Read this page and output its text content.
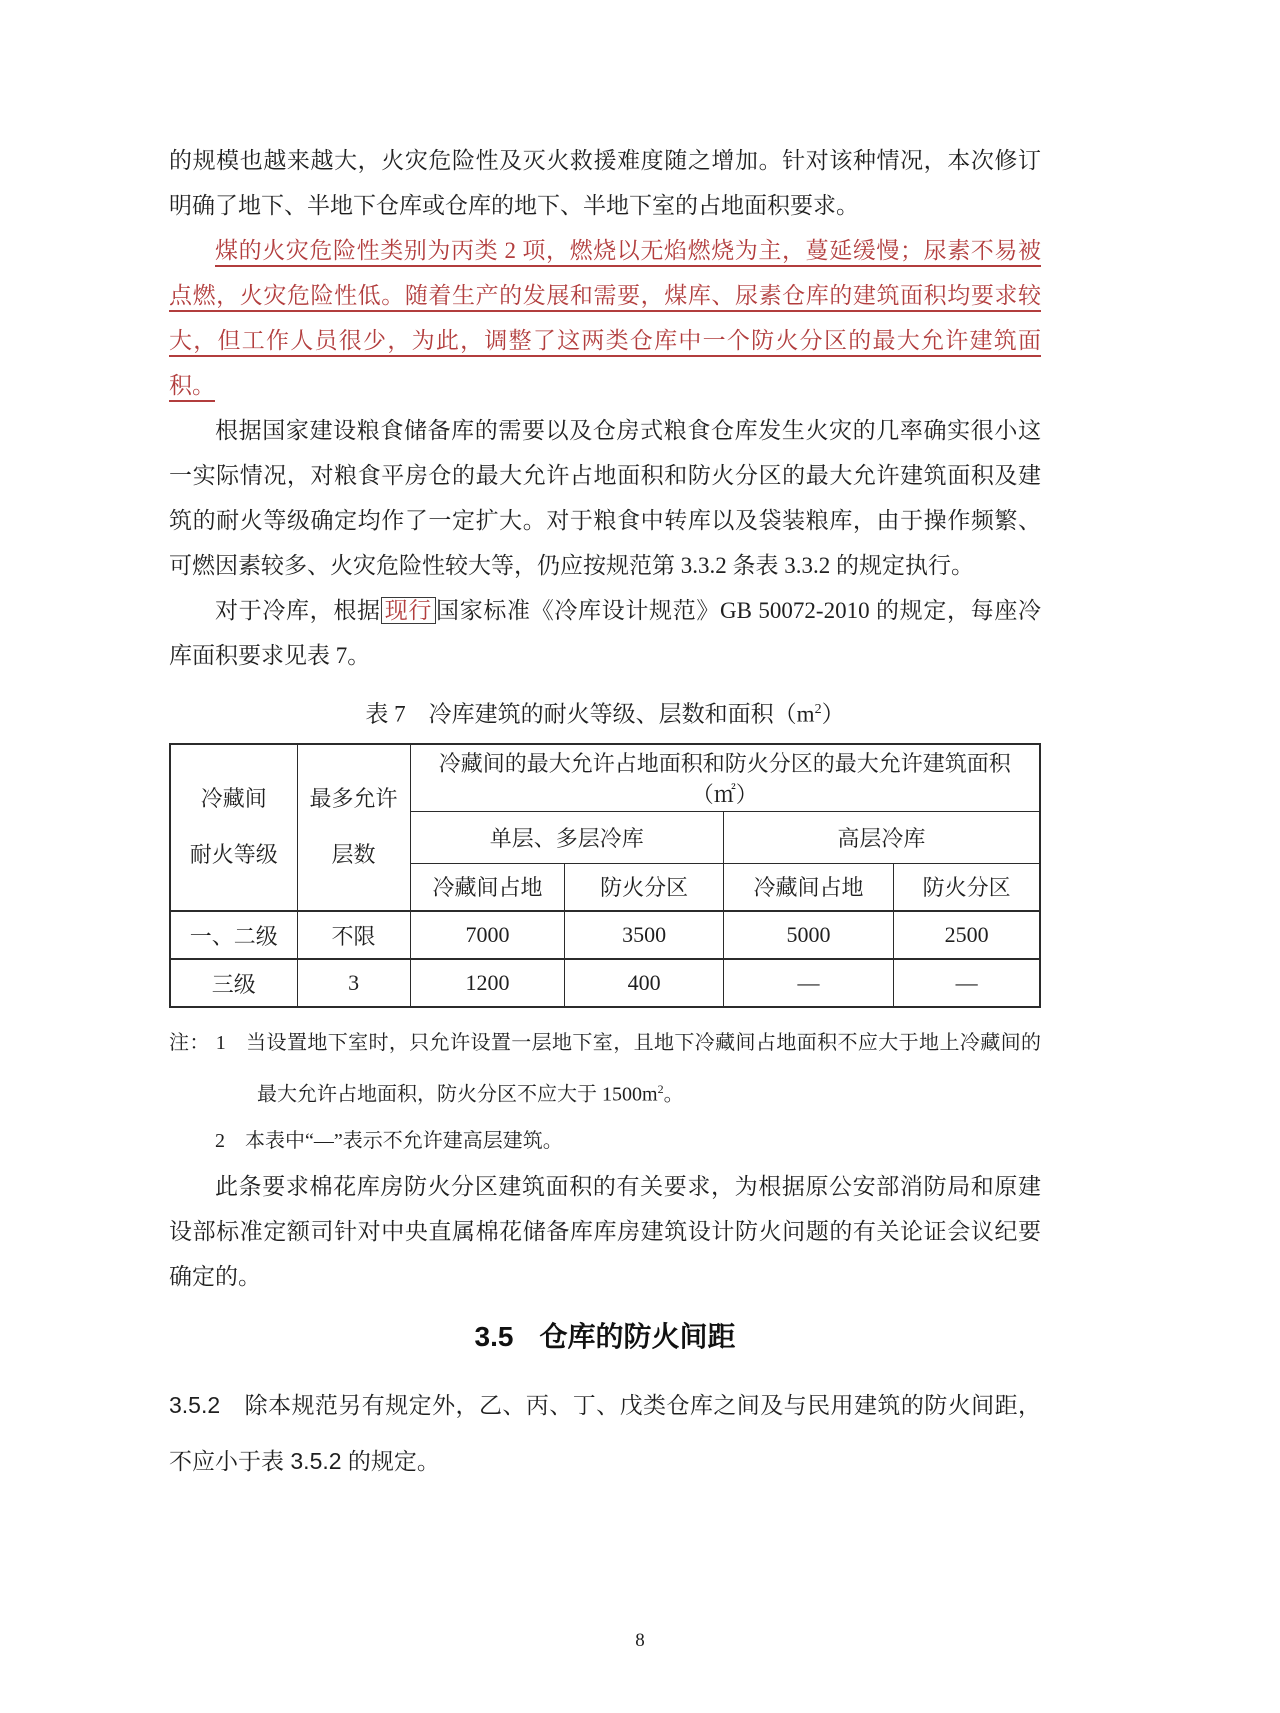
的规模也越来越大，火灾危险性及灭火救援难度随之增加。针对该种情况，本次修订明确了地下、半地下仓库或仓库的地下、半地下室的占地面积要求。

煤的火灾危险性类别为丙类 2 项，燃烧以无焰燃烧为主，蔓延缓慢；尿素不易被点燃，火灾危险性低。随着生产的发展和需要，煤库、尿素仓库的建筑面积均要求较大，但工作人员很少，为此，调整了这两类仓库中一个防火分区的最大允许建筑面积。

根据国家建设粮食储备库的需要以及仓房式粮食仓库发生火灾的几率确实很小这一实际情况，对粮食平房仓的最大允许占地面积和防火分区的最大允许建筑面积及建筑的耐火等级确定均作了一定扩大。对于粮食中转库以及袋装粮库，由于操作频繁、可燃因素较多、火灾危险性较大等，仍应按规范第 3.3.2 条表 3.3.2 的规定执行。

对于冷库，根据 现行 国家标准《冷库设计规范》GB 50072-2010 的规定，每座冷库面积要求见表 7。

表 7　冷库建筑的耐火等级、层数和面积$(m^2)$
冷藏间
耐火等级

最多允许
层数
	冷藏间的最大允许占地面积和防火分区的最大允许建筑面积（㎡）
		单层、多层冷库		高层冷库	
		冷藏间占地	防火分区	冷藏间占地	防火分区
一、二级	不限	7000	3500	5000	2500
三级	3	1200	400	—	—
注： 1 当设置地下室时，只允许设置一层地下室，且地下冷藏间占地面积不应大于地上冷藏间的最大允许占地面积，防火分区不应大于 $1500m^2$。
2 本表中“—”表示不允许建高层建筑。

此条要求棉花库房防火分区建筑面积的有关要求，为根据原公安部消防局和原建设部标准定额司针对中央直属棉花储备库库房建筑设计防火问题的有关论证会议纪要确定的。

3.5 仓库的防火间距

3.5.2 除本规范另有规定外，乙、丙、丁、戊类仓库之间及与民用建筑的防火间距，不应小于表 3.5.2 的规定。

8
